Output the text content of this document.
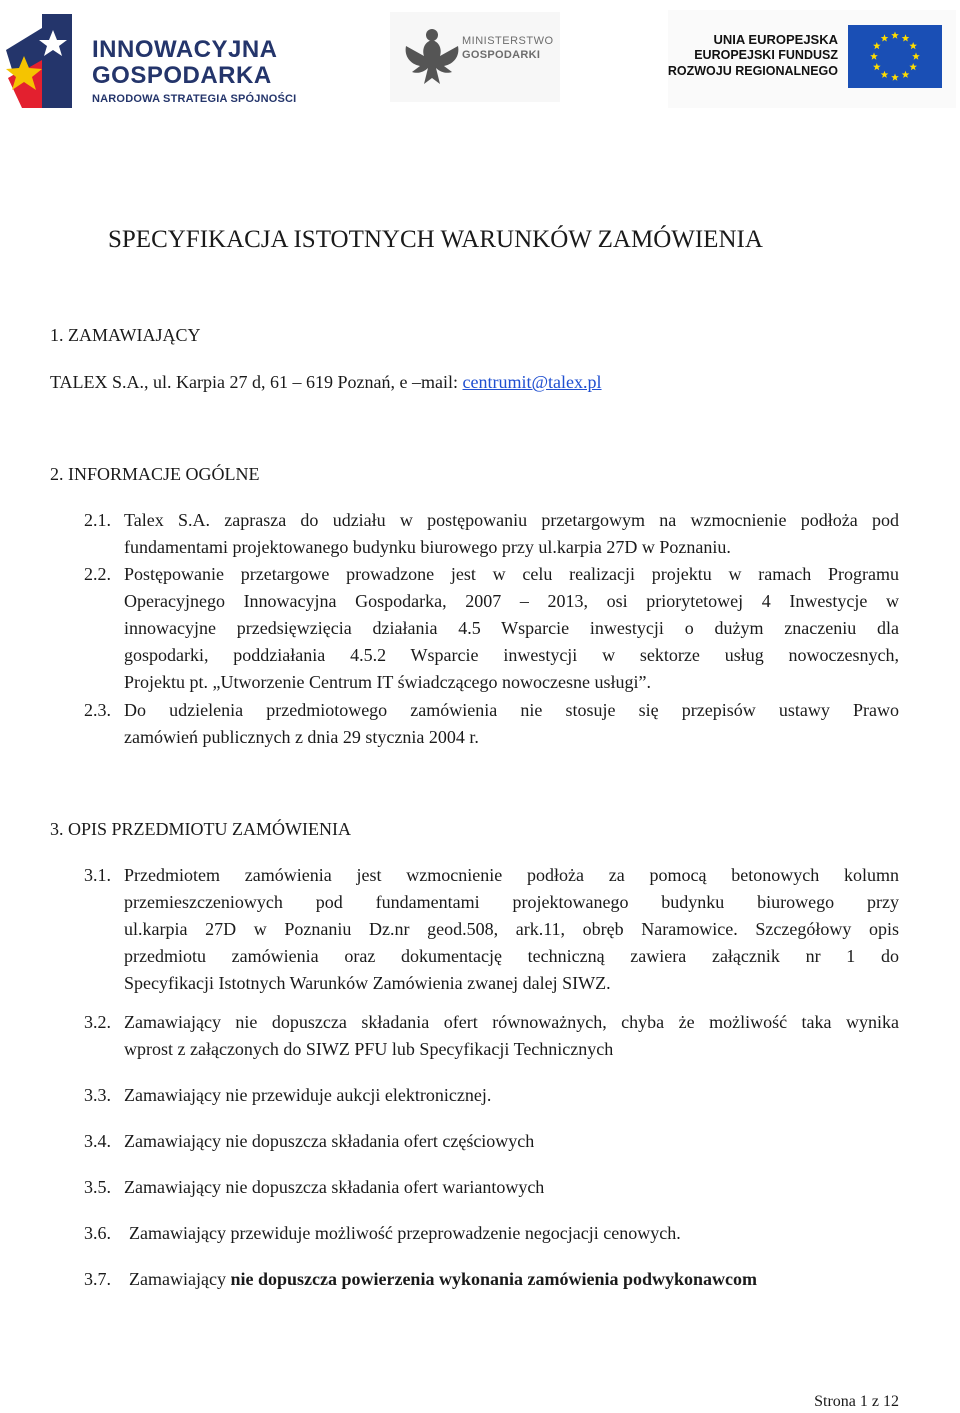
INNOWACYJNA
GOSPODARKA
NARODOWA STRATEGIA SPÓJNOŚCI
MINISTERSTWO
GOSPODARKI
UNIA EUROPEJSKA
EUROPEJSKI FUNDUSZ
ROZWOJU REGIONALNEGO
SPECYFIKACJA ISTOTNYCH WARUNKÓW ZAMÓWIENIA
1. ZAMAWIAJĄCY
TALEX S.A., ul. Karpia 27 d, 61 – 619 Poznań, e –mail: centrumit@talex.pl
2. INFORMACJE OGÓLNE
2.1. Talex S.A. zaprasza do udziału w postępowaniu przetargowym na wzmocnienie podłoża pod
fundamentami projektowanego budynku biurowego przy ul.karpia 27D w Poznaniu.
2.2. Postępowanie przetargowe prowadzone jest w celu realizacji projektu w ramach Programu
Operacyjnego Innowacyjna Gospodarka, 2007 – 2013, osi priorytetowej 4 Inwestycje w
innowacyjne przedsięwzięcia działania 4.5 Wsparcie inwestycji o dużym znaczeniu dla
gospodarki, poddziałania 4.5.2 Wsparcie inwestycji w sektorze usług nowoczesnych,
Projektu pt. „Utworzenie Centrum IT świadczącego nowoczesne usługi”.
2.3. Do udzielenia przedmiotowego zamówienia nie stosuje się przepisów ustawy Prawo
zamówień publicznych z dnia 29 stycznia 2004 r.
3. OPIS PRZEDMIOTU ZAMÓWIENIA
3.1. Przedmiotem zamówienia jest wzmocnienie podłoża za pomocą betonowych kolumn
przemieszczeniowych pod fundamentami projektowanego budynku biurowego przy
ul.karpia 27D w Poznaniu Dz.nr geod.508, ark.11, obręb Naramowice. Szczegółowy opis
przedmiotu zamówienia oraz dokumentację techniczną zawiera załącznik nr 1 do
Specyfikacji Istotnych Warunków Zamówienia zwanej dalej SIWZ.
3.2. Zamawiający nie dopuszcza składania ofert równoważnych, chyba że możliwość taka wynika
wprost z załączonych do SIWZ PFU lub Specyfikacji Technicznych
3.3. Zamawiający nie przewiduje aukcji elektronicznej.
3.4. Zamawiający nie dopuszcza składania ofert częściowych
3.5. Zamawiający nie dopuszcza składania ofert wariantowych
3.6. Zamawiający przewiduje możliwość przeprowadzenie negocjacji cenowych.
3.7. Zamawiający nie dopuszcza powierzenia wykonania zamówienia podwykonawcom
Strona 1 z 12
